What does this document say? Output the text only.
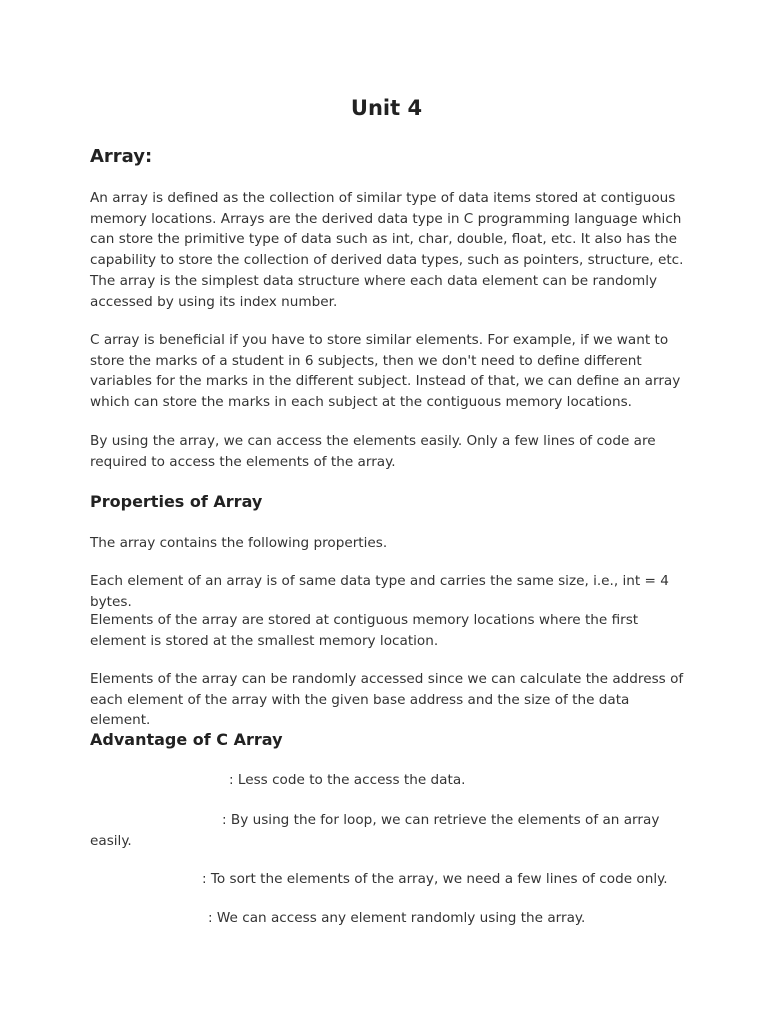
Unit 4
Array:

An array is defined as the collection of similar type of data items stored at contiguous memory locations. Arrays are the derived data type in C programming language which can store the primitive type of data such as int, char, double, float, etc. It also has the capability to store the collection of derived data types, such as pointers, structure, etc. The array is the simplest data structure where each data element can be randomly accessed by using its index number.

C array is beneficial if you have to store similar elements. For example, if we want to store the marks of a student in 6 subjects, then we don't need to define different variables for the marks in the different subject. Instead of that, we can define an array which can store the marks in each subject at the contiguous memory locations.

By using the array, we can access the elements easily. Only a few lines of code are required to access the elements of the array.

Properties of Array

The array contains the following properties.

Each element of an array is of same data type and carries the same size, i.e., int = 4 bytes.

Elements of the array are stored at contiguous memory locations where the first element is stored at the smallest memory location.

Elements of the array can be randomly accessed since we can calculate the address of each element of the array with the given base address and the size of the data element.

Advantage of C Array

: Less code to the access the data.

: By using the for loop, we can retrieve the elements of an array easily.

: To sort the elements of the array, we need a few lines of code only.

: We can access any element randomly using the array.
